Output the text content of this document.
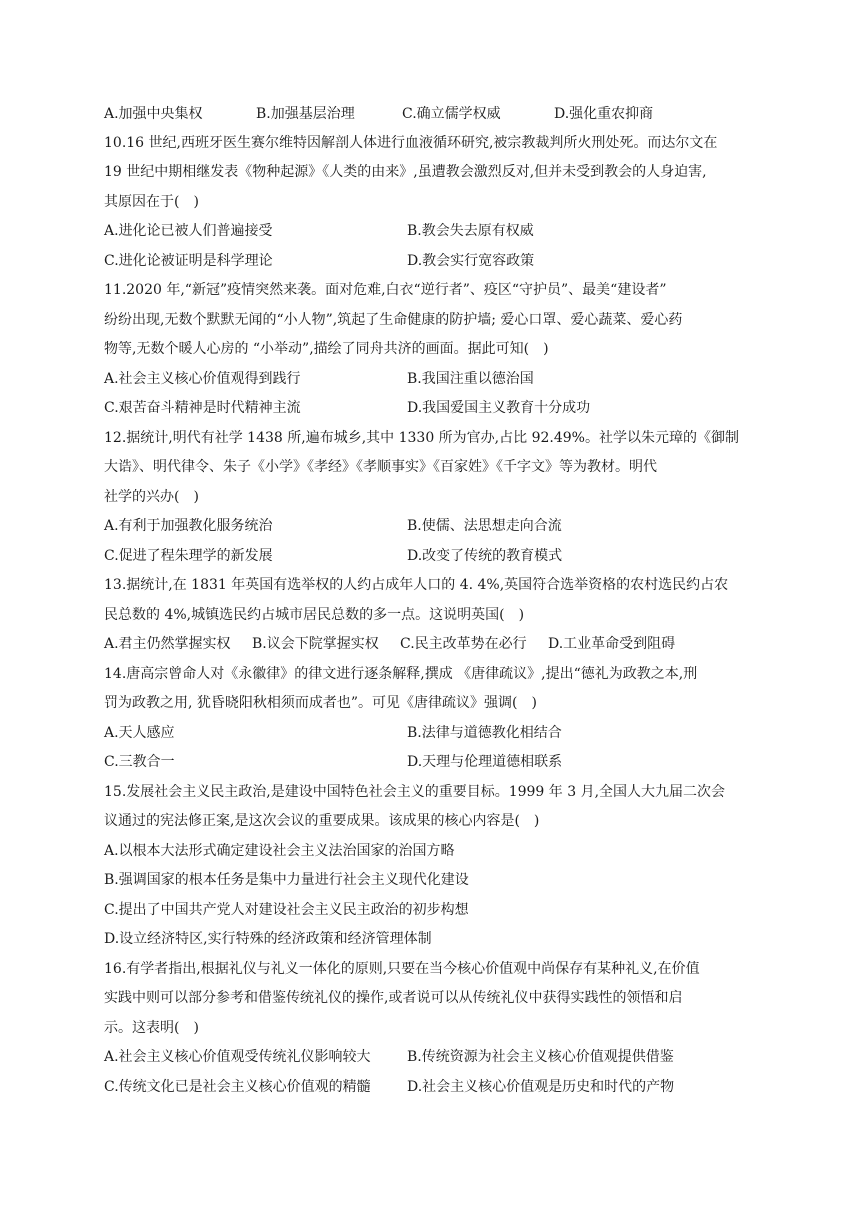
A.加强中央集权	B.加强基层治理	C.确立儒学权威	D.强化重农抑商
10.16 世纪,西班牙医生赛尔维特因解剖人体进行血液循环研究,被宗教裁判所火刑处死。而达尔文在
19 世纪中期相继发表《物种起源》《人类的由来》,虽遭教会激烈反对,但并未受到教会的人身迫害,
其原因在于(　)
A.进化论已被人们普遍接受	B.教会失去原有权威
C.进化论被证明是科学理论	D.教会实行宽容政策
11.2020 年,“新冠”疫情突然来袭。面对危难,白衣“逆行者”、疫区“守护员”、最美“建设者”
纷纷出现,无数个默默无闻的“小人物”,筑起了生命健康的防护墙; 爱心口罩、爱心蔬菜、爱心药
物等,无数个暖人心房的 “小举动”,描绘了同舟共济的画面。据此可知(　)
A.社会主义核心价值观得到践行	B.我国注重以德治国
C.艰苦奋斗精神是时代精神主流	D.我国爱国主义教育十分成功
12.据统计,明代有社学 1438 所,遍布城乡,其中 1330 所为官办,占比 92.49%。社学以朱元璋的《御制
大诰》、明代律令、朱子《小学》《孝经》《孝顺事实》《百家姓》《千字文》等为教材。明代
社学的兴办(　)
A.有利于加强教化服务统治	B.使儒、法思想走向合流
C.促进了程朱理学的新发展	D.改变了传统的教育模式
13.据统计,在 1831 年英国有选举权的人约占成年人口的 4. 4%,英国符合选举资格的农村选民约占农
民总数的 4%,城镇选民约占城市居民总数的多一点。这说明英国(　)
A.君主仍然掌握实权 B.议会下院掌握实权 C.民主改革势在必行 D.工业革命受到阻碍
14.唐高宗曾命人对《永徽律》的律文进行逐条解释,撰成 《唐律疏议》,提出“德礼为政教之本,刑
罚为政教之用, 犹昏晓阳秋相须而成者也”。可见《唐律疏议》强调(　)
A.天人感应	B.法律与道德教化相结合
C.三教合一	D.天理与伦理道德相联系
15.发展社会主义民主政治,是建设中国特色社会主义的重要目标。1999 年 3 月,全国人大九届二次会
议通过的宪法修正案,是这次会议的重要成果。该成果的核心内容是(　)
A.以根本大法形式确定建设社会主义法治国家的治国方略
B.强调国家的根本任务是集中力量进行社会主义现代化建设
C.提出了中国共产党人对建设社会主义民主政治的初步构想
D.设立经济特区,实行特殊的经济政策和经济管理体制
16.有学者指出,根据礼仪与礼义一体化的原则,只要在当今核心价值观中尚保存有某种礼义,在价值
实践中则可以部分参考和借鉴传统礼仪的操作,或者说可以从传统礼仪中获得实践性的领悟和启
示。这表明(　)
A.社会主义核心价值观受传统礼仪影响较大	B.传统资源为社会主义核心价值观提供借鉴
C.传统文化已是社会主义核心价值观的精髓	D.社会主义核心价值观是历史和时代的产物
